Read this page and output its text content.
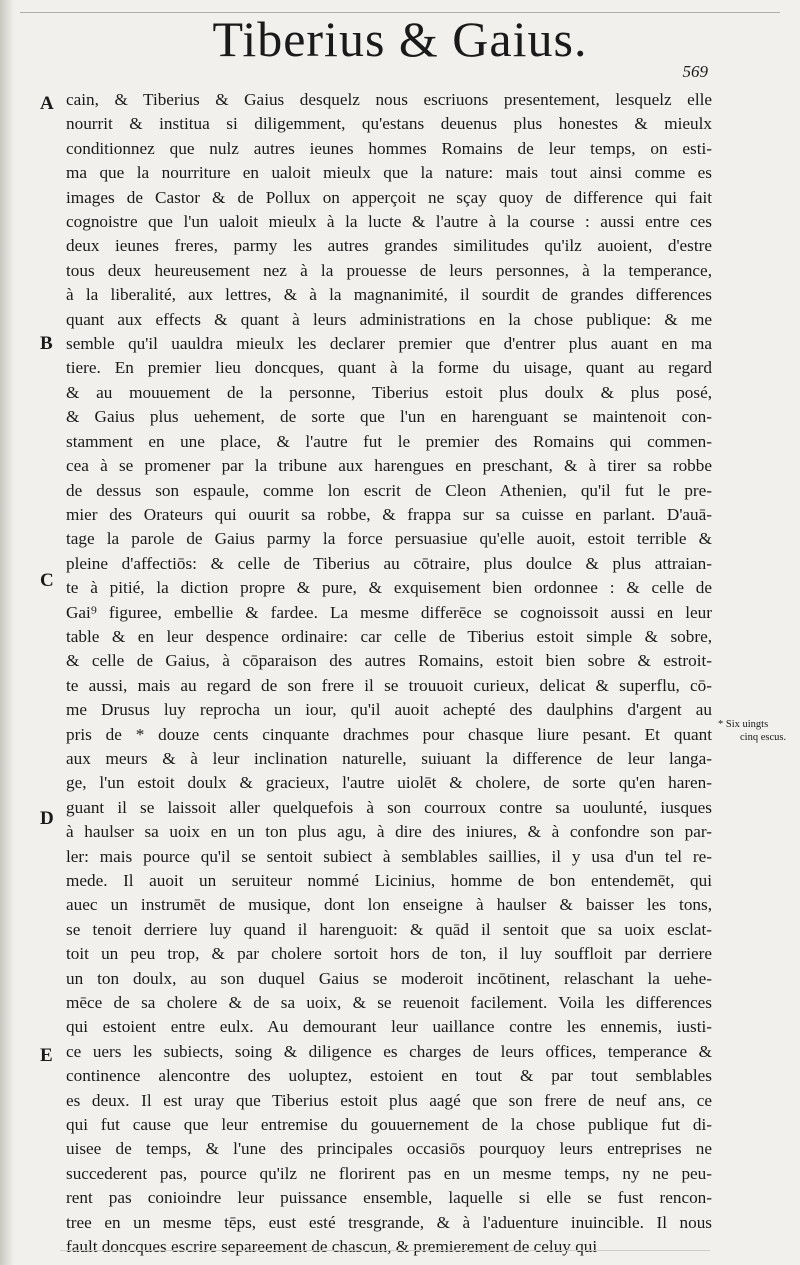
Tiberius & Gaius.
569
A
B
C
D
E
* Six uingts
cinq escus.
cain, & Tiberius & Gaius desquelz nous escriuons presentement, lesquelz elle
nourrit & institua si diligemment, qu'estans deuenus plus honestes & mieulx
conditionnez que nulz autres ieunes hommes Romains de leur temps, on esti-
ma que la nourriture en ualoit mieulx que la nature: mais tout ainsi comme es
images de Castor & de Pollux on apperçoit ne sçay quoy de difference qui fait
cognoistre que l'un ualoit mieulx à la lucte & l'autre à la course : aussi entre ces
deux ieunes freres, parmy les autres grandes similitudes qu'ilz auoient, d'estre
tous deux heureusement nez à la prouesse de leurs personnes, à la temperance,
à la liberalité, aux lettres, & à la magnanimité, il sourdit de grandes differences
quant aux effects & quant à leurs administrations en la chose publique: & me
semble qu'il uauldra mieulx les declarer premier que d'entrer plus auant en ma
tiere. En premier lieu doncques, quant à la forme du uisage, quant au regard
& au mouuement de la personne, Tiberius estoit plus doulx & plus posé,
& Gaius plus uehement, de sorte que l'un en harenguant se maintenoit con-
stamment en une place, & l'autre fut le premier des Romains qui commen-
cea à se promener par la tribune aux harengues en preschant, & à tirer sa robbe
de dessus son espaule, comme lon escrit de Cleon Athenien, qu'il fut le pre-
mier des Orateurs qui ouurit sa robbe, & frappa sur sa cuisse en parlant. D'auā-
tage la parole de Gaius parmy la force persuasiue qu'elle auoit, estoit terrible &
pleine d'affectiōs: & celle de Tiberius au cōtraire, plus doulce & plus attraian-
te à pitié, la diction propre & pure, & exquisement bien ordonnee : & celle de
Gai⁹ figuree, embellie & fardee. La mesme differēce se cognoissoit aussi en leur
table & en leur despence ordinaire: car celle de Tiberius estoit simple & sobre,
& celle de Gaius, à cōparaison des autres Romains, estoit bien sobre & estroit-
te aussi, mais au regard de son frere il se trouuoit curieux, delicat & superflu, cō-
me Drusus luy reprocha un iour, qu'il auoit achepté des daulphins d'argent au
pris de * douze cents cinquante drachmes pour chasque liure pesant. Et quant
aux meurs & à leur inclination naturelle, suiuant la difference de leur langa-
ge, l'un estoit doulx & gracieux, l'autre uiolēt & cholere, de sorte qu'en haren-
guant il se laissoit aller quelquefois à son courroux contre sa uoulunté, iusques
à haulser sa uoix en un ton plus agu, à dire des iniures, & à confondre son par-
ler: mais pource qu'il se sentoit subiect à semblables saillies, il y usa d'un tel re-
mede. Il auoit un seruiteur nommé Licinius, homme de bon entendemēt, qui
auec un instrumēt de musique, dont lon enseigne à haulser & baisser les tons,
se tenoit derriere luy quand il harenguoit: & quād il sentoit que sa uoix esclat-
toit un peu trop, & par cholere sortoit hors de ton, il luy souffloit par derriere
un ton doulx, au son duquel Gaius se moderoit incōtinent, relaschant la uehe-
mēce de sa cholere & de sa uoix, & se reuenoit facilement. Voila les differences
qui estoient entre eulx. Au demourant leur uaillance contre les ennemis, iusti-
ce uers les subiects, soing & diligence es charges de leurs offices, temperance &
continence alencontre des uoluptez, estoient en tout & par tout semblables
es deux. Il est uray que Tiberius estoit plus aagé que son frere de neuf ans, ce
qui fut cause que leur entremise du gouuernement de la chose publique fut di-
uisee de temps, & l'une des principales occasiōs pourquoy leurs entreprises ne
succederent pas, pource qu'ilz ne florirent pas en un mesme temps, ny ne peu-
rent pas conioindre leur puissance ensemble, laquelle si elle se fust rencon-
tree en un mesme tēps, eust esté tresgrande, & à l'aduenture inuincible. Il nous
fault doncques escrire separeement de chascun, & premierement de celuy qui
